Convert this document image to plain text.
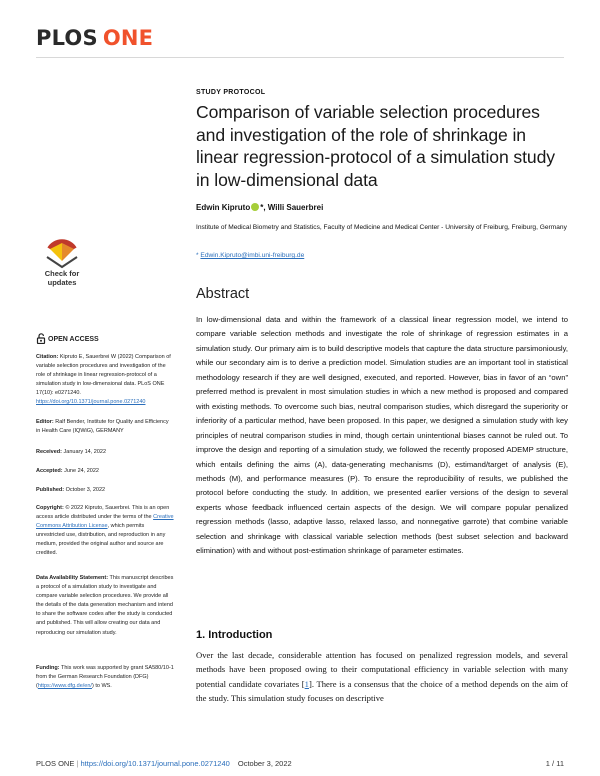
PLOS ONE
Check for updates
OPEN ACCESS
Citation: Kipruto E, Sauerbrei W (2022) Comparison of variable selection procedures and investigation of the role of shrinkage in linear regression-protocol of a simulation study in low-dimensional data. PLoS ONE 17(10): e0271240. https://doi.org/10.1371/journal.pone.0271240
Editor: Ralf Bender, Institute for Quality and Efficiency in Health Care (IQWiG), GERMANY
Received: January 14, 2022
Accepted: June 24, 2022
Published: October 3, 2022
Copyright: © 2022 Kipruto, Sauerbrei. This is an open access article distributed under the terms of the Creative Commons Attribution License, which permits unrestricted use, distribution, and reproduction in any medium, provided the original author and source are credited.
Data Availability Statement: This manuscript describes a protocol of a simulation study to investigate and compare variable selection procedures. We provide all the details of the data generation mechanism and intend to share the software codes after the study is conducted and published. This will allow creating our data and reproducing our simulation study.
Funding: This work was supported by grant SA580/10-1 from the German Research Foundation (DFG) (https://www.dfg.de/en/) to WS.
STUDY PROTOCOL
Comparison of variable selection procedures and investigation of the role of shrinkage in linear regression-protocol of a simulation study in low-dimensional data
Edwin Kipruto *, Willi Sauerbrei
Institute of Medical Biometry and Statistics, Faculty of Medicine and Medical Center - University of Freiburg, Freiburg, Germany
* Edwin.Kipruto@imbi.uni-freiburg.de
Abstract

In low-dimensional data and within the framework of a classical linear regression model, we intend to compare variable selection methods and investigate the role of shrinkage of regression estimates in a simulation study. Our primary aim is to build descriptive models that capture the data structure parsimoniously, while our secondary aim is to derive a prediction model. Simulation studies are an important tool in statistical methodology research if they are well designed, executed, and reported. However, bias in favor of an “own” preferred method is prevalent in most simulation studies in which a new method is proposed and compared with existing methods. To overcome such bias, neutral comparison studies, which disregard the superiority or inferiority of a particular method, have been proposed. In this paper, we designed a simulation study with key principles of neutral comparison studies in mind, though certain unintentional biases cannot be ruled out. To improve the design and reporting of a simulation study, we followed the recently proposed ADEMP structure, which entails defining the aims (A), data-generating mechanisms (D), estimand/target of analysis (E), methods (M), and performance measures (P). To ensure the reproducibility of results, we published the protocol before conducting the study. In addition, we presented earlier versions of the design to several experts whose feedback influenced certain aspects of the design. We will compare popular penalized regression methods (lasso, adaptive lasso, relaxed lasso, and nonnegative garrote) that combine variable selection and shrinkage with classical variable selection methods (best subset selection and backward elimination) with and without post-estimation shrinkage of parameter estimates.

1. Introduction

Over the last decade, considerable attention has focused on penalized regression models, and several methods have been proposed owing to their computational efficiency in variable selection with many potential candidate covariates [1]. There is a consensus that the choice of a method depends on the aim of the study. This simulation study focuses on descriptive

PLOS ONE | https://doi.org/10.1371/journal.pone.0271240 October 3, 2022	1 / 11
